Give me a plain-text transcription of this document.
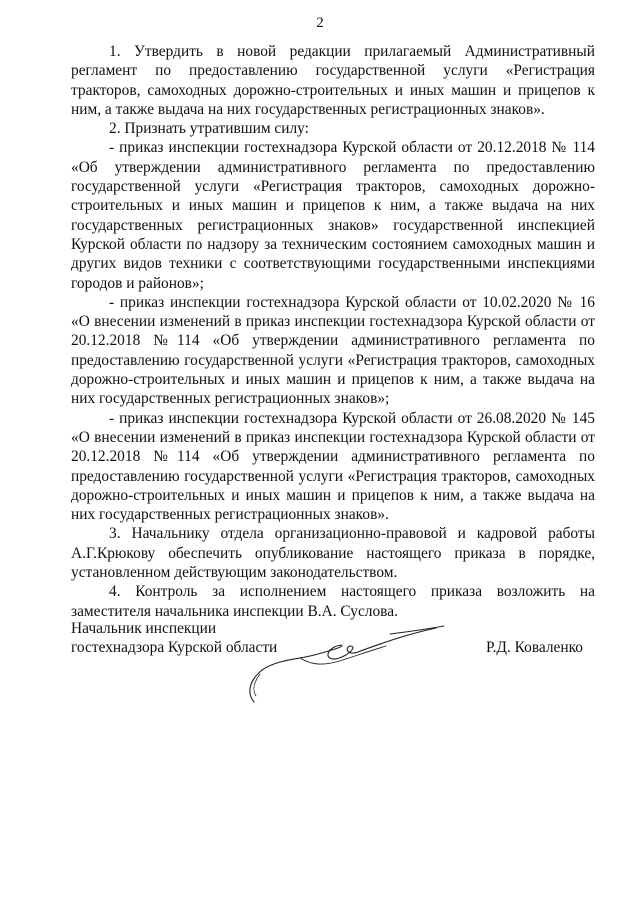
2

1. Утвердить в новой редакции прилагаемый Административный регламент по предоставлению государственной услуги «Регистрация тракторов, самоходных дорожно-строительных и иных машин и прицепов к ним, а также выдача на них государственных регистрационных знаков».

2. Признать утратившим силу:

- приказ инспекции гостехнадзора Курской области от 20.12.2018 № 114 «Об утверждении административного регламента по предоставлению государственной услуги «Регистрация тракторов, самоходных дорожно-строительных и иных машин и прицепов к ним, а также выдача на них государственных регистрационных знаков» государственной инспекцией Курской области по надзору за техническим состоянием самоходных машин и других видов техники с соответствующими государственными инспекциями городов и районов»;

- приказ инспекции гостехнадзора Курской области от 10.02.2020 № 16 «О внесении изменений в приказ инспекции гостехнадзора Курской области от 20.12.2018 №114 «Об утверждении административного регламента по предоставлению государственной услуги «Регистрация тракторов, самоходных дорожно-строительных и иных машин и прицепов к ним, а также выдача на них государственных регистрационных знаков»;

- приказ инспекции гостехнадзора Курской области от 26.08.2020 № 145 «О внесении изменений в приказ инспекции гостехнадзора Курской области от 20.12.2018 №114 «Об утверждении административного регламента по предоставлению государственной услуги «Регистрация тракторов, самоходных дорожно-строительных и иных машин и прицепов к ним, а также выдача на них государственных регистрационных знаков».

3. Начальнику отдела организационно-правовой и кадровой работы А.Г.Крюкову обеспечить опубликование настоящего приказа в порядке, установленном действующим законодательством.

4. Контроль за исполнением настоящего приказа возложить на заместителя начальника инспекции В.А. Суслова.

Начальник инспекции
гостехнадзора Курской области	Р.Д. Коваленко
